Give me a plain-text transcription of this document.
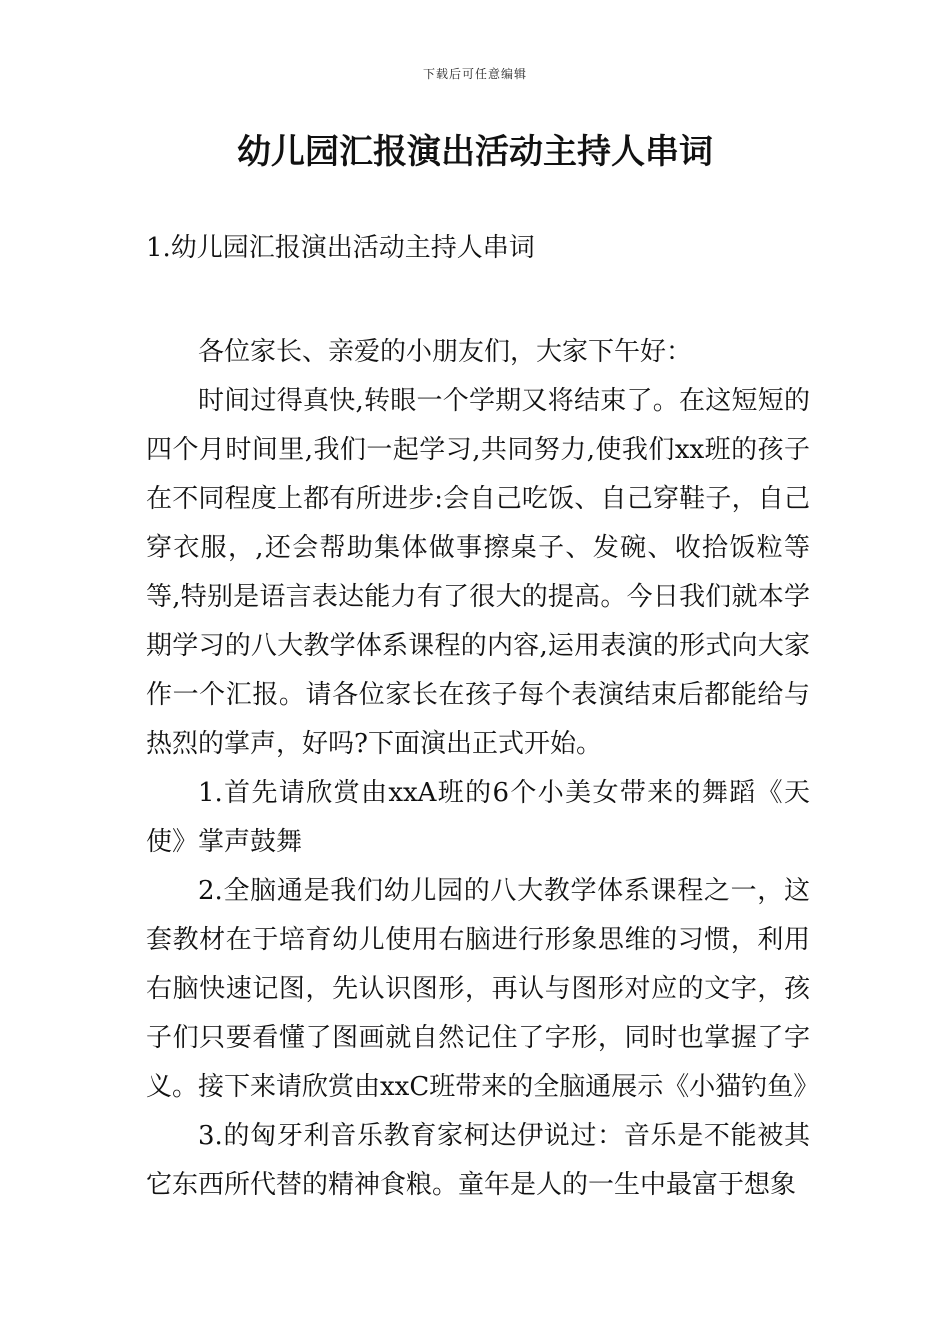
下载后可任意编辑
幼儿园汇报演出活动主持人串词
1.幼儿园汇报演出活动主持人串词

各位家长、亲爱的小朋友们，大家下午好：

时间过得真快,转眼一个学期又将结束了。在这短短的四个月时间里,我们一起学习,共同努力,使我们xx班的孩子在不同程度上都有所进步:会自己吃饭、自己穿鞋子，自己穿衣服，,还会帮助集体做事擦桌子、发碗、收拾饭粒等等,特别是语言表达能力有了很大的提高。今日我们就本学期学习的八大教学体系课程的内容,运用表演的形式向大家作一个汇报。请各位家长在孩子每个表演结束后都能给与热烈的掌声，好吗?下面演出正式开始。

1.首先请欣赏由xxA班的6个小美女带来的舞蹈《天使》掌声鼓舞

2.全脑通是我们幼儿园的八大教学体系课程之一，这套教材在于培育幼儿使用右脑进行形象思维的习惯，利用右脑快速记图，先认识图形，再认与图形对应的文字，孩子们只要看懂了图画就自然记住了字形，同时也掌握了字义。接下来请欣赏由xxC班带来的全脑通展示《小猫钓鱼》

3.的匈牙利音乐教育家柯达伊说过：音乐是不能被其它东西所代替的精神食粮。童年是人的一生中最富于想象
